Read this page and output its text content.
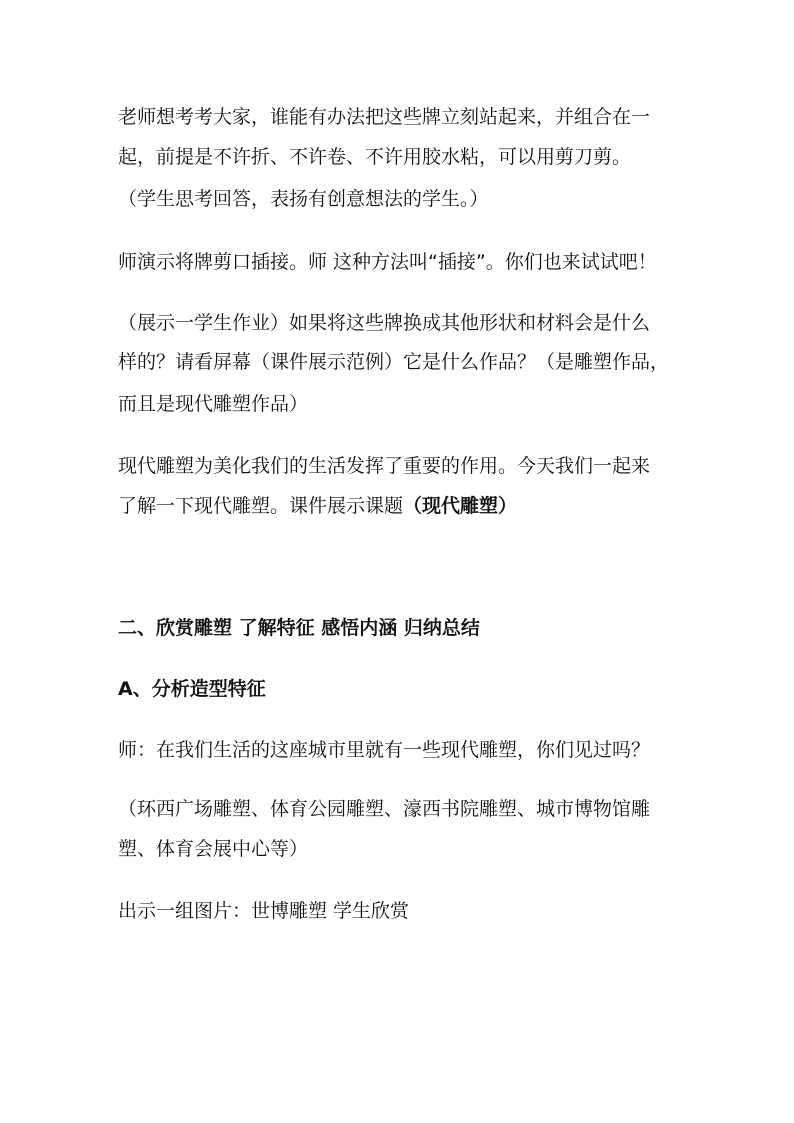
老师想考考大家，谁能有办法把这些牌立刻站起来，并组合在一
起，前提是不许折、不许卷、不许用胶水粘，可以用剪刀剪。
（学生思考回答，表扬有创意想法的学生。）
师演示将牌剪口插接。师 这种方法叫“插接”。你们也来试试吧！
（展示一学生作业）如果将这些牌换成其他形状和材料会是什么
样的？请看屏幕（课件展示范例）它是什么作品？（是雕塑作品，
而且是现代雕塑作品）
现代雕塑为美化我们的生活发挥了重要的作用。今天我们一起来
了解一下现代雕塑。课件展示课题（现代雕塑）
二、欣赏雕塑 了解特征 感悟内涵 归纳总结
A、分析造型特征
师：在我们生活的这座城市里就有一些现代雕塑，你们见过吗？
（环西广场雕塑、体育公园雕塑、濠西书院雕塑、城市博物馆雕
塑、体育会展中心等）
出示一组图片：世博雕塑 学生欣赏
